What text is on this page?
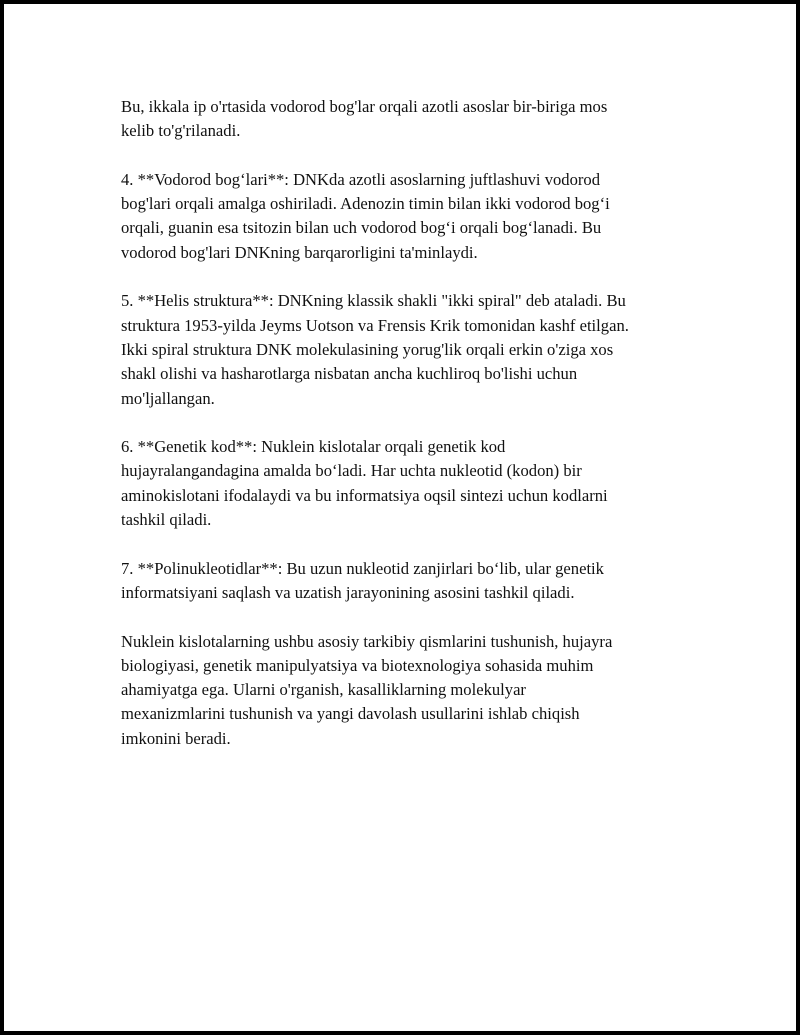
Bu, ikkala ip o'rtasida vodorod bog'lar orqali azotli asoslar bir-biriga mos
kelib to'g'rilanadi.

4. **Vodorod bog‘lari**: DNKda azotli asoslarning juftlashuvi vodorod
bog'lari orqali amalga oshiriladi. Adenozin timin bilan ikki vodorod bog‘i
orqali, guanin esa tsitozin bilan uch vodorod bog‘i orqali bog‘lanadi. Bu
vodorod bog'lari DNKning barqarorligini ta'minlaydi.

5. **Helis struktura**: DNKning klassik shakli "ikki spiral" deb ataladi. Bu
struktura 1953-yilda Jeyms Uotson va Frensis Krik tomonidan kashf etilgan.
Ikki spiral struktura DNK molekulasining yorug'lik orqali erkin o'ziga xos
shakl olishi va hasharotlarga nisbatan ancha kuchliroq bo'lishi uchun
mo'ljallangan.

6. **Genetik kod**: Nuklein kislotalar orqali genetik kod
hujayralangandagina amalda bo‘ladi. Har uchta nukleotid (kodon) bir
aminokislotani ifodalaydi va bu informatsiya oqsil sintezi uchun kodlarni
tashkil qiladi.

7. **Polinukleotidlar**: Bu uzun nukleotid zanjirlari bo‘lib, ular genetik
informatsiyani saqlash va uzatish jarayonining asosini tashkil qiladi.

Nuklein kislotalarning ushbu asosiy tarkibiy qismlarini tushunish, hujayra
biologiyasi, genetik manipulyatsiya va biotexnologiya sohasida muhim
ahamiyatga ega. Ularni o'rganish, kasalliklarning molekulyar
mexanizmlarini tushunish va yangi davolash usullarini ishlab chiqish
imkonini beradi.
